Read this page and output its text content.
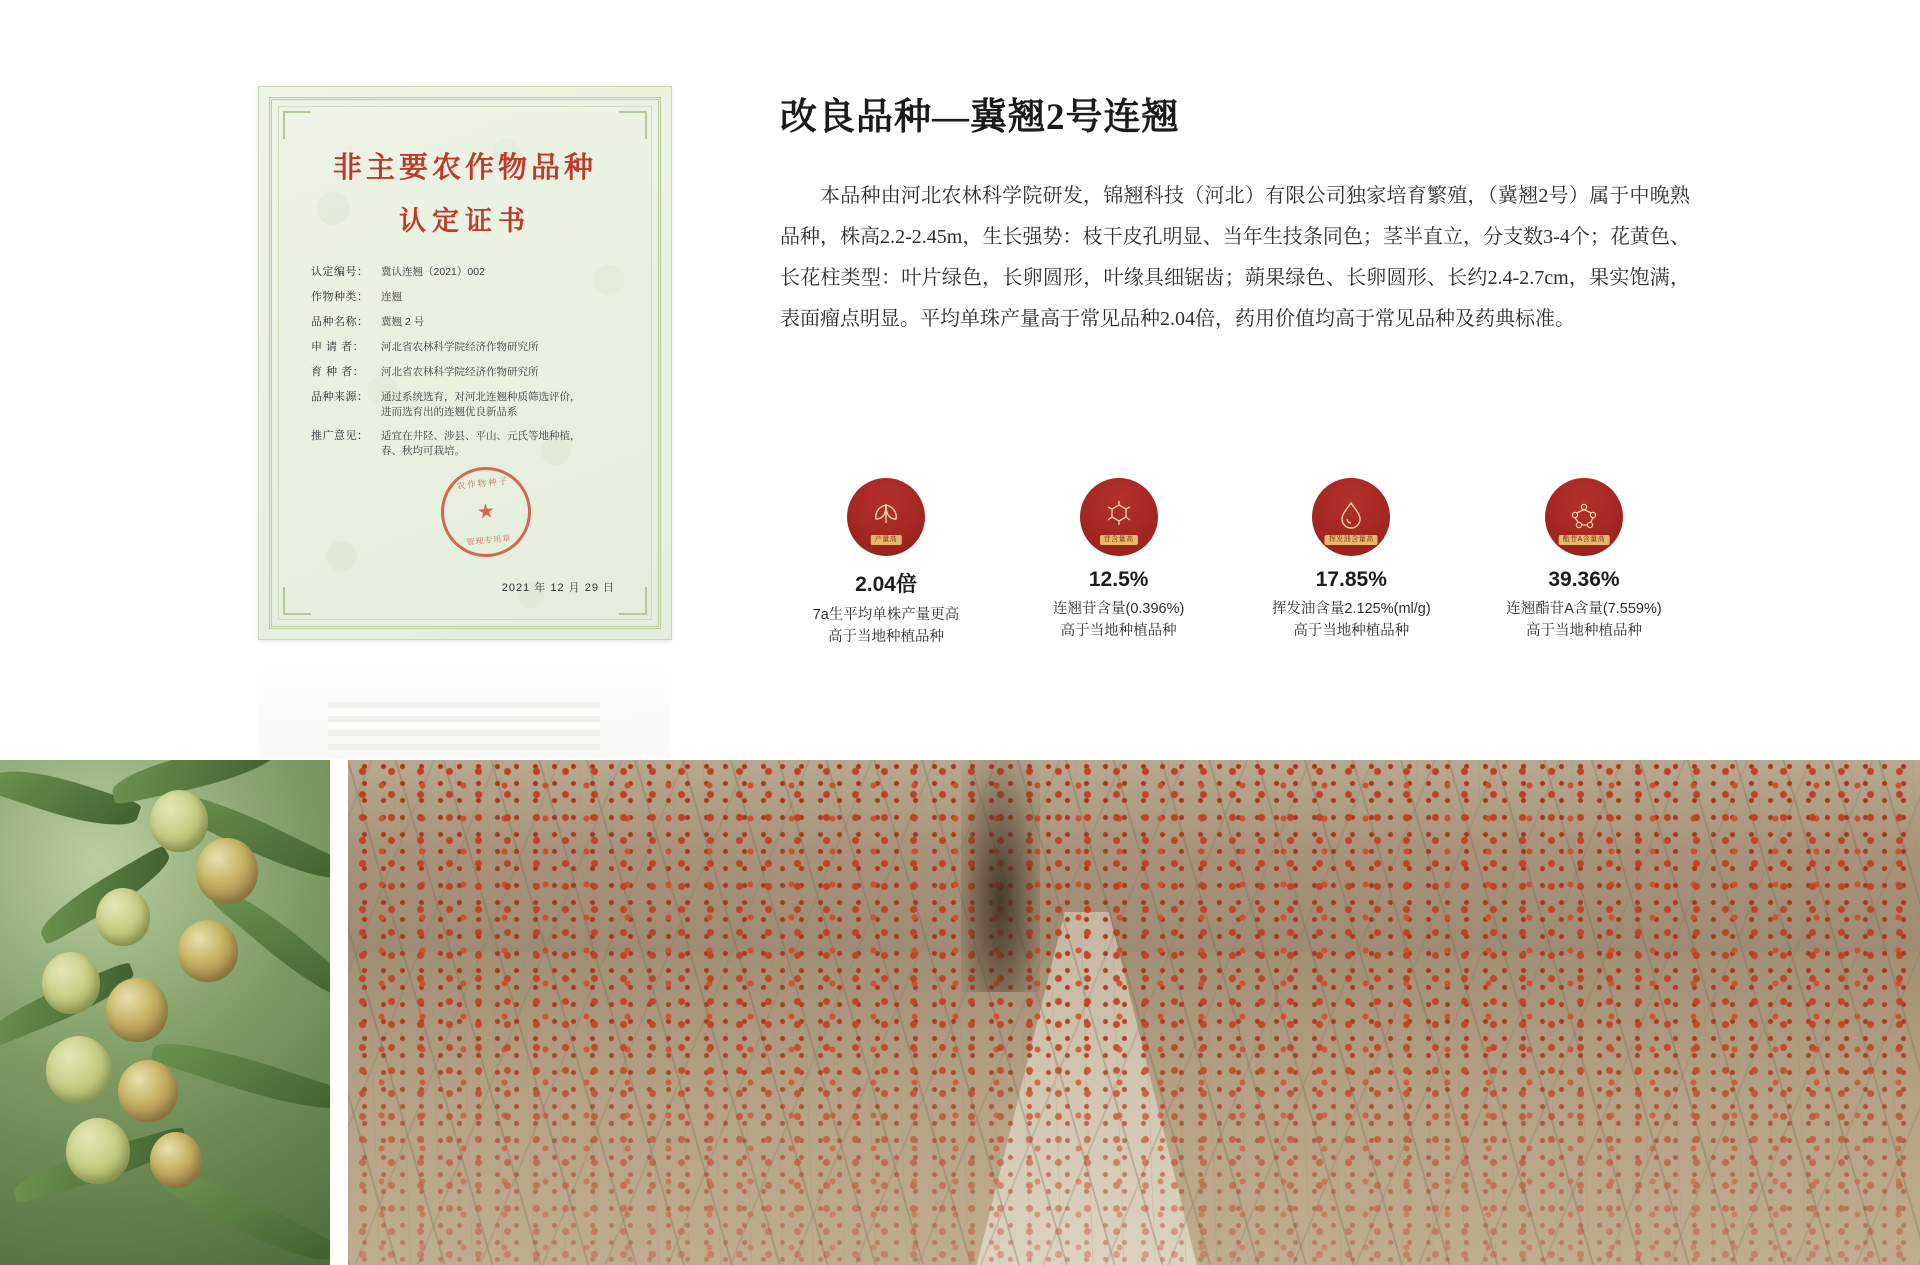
非主要农作物品种
认定证书
认定编号：	冀认连翘（2021）002
作物种类：	连翘
品种名称：	冀翘 2 号
申 请 者：	河北省农林科学院经济作物研究所
育 种 者：	河北省农林科学院经济作物研究所
品种来源：	通过系统选育，对河北连翘种质筛选评价，
进而选育出的连翘优良新品系
推广意见：	适宜在井陉、涉县、平山、元氏等地种植，
春、秋均可栽培。
农作物种子
★
管理专用章
2021 年 12 月 29 日
改良品种—冀翘2号连翘

本品种由河北农林科学院研发，锦翘科技（河北）有限公司独家培育繁殖，（冀翘2号）属于中晚熟品种，株高2.2-2.45m，生长强势：枝干皮孔明显、当年生技条同色；茎半直立，分支数3-4个；花黄色、长花柱类型：叶片绿色，长卵圆形，叶缘具细锯齿；蒴果绿色、长卵圆形、长约2.4-2.7cm，果实饱满，表面瘤点明显。平均单珠产量高于常见品种2.04倍，药用价值均高于常见品种及药典标准。

产量高
2.04倍
7a生平均单株产量更高
高于当地种植品种
苷含量高
12.5%
连翘苷含量(0.396%)
高于当地种植品种
挥发油含量高
17.85%
挥发油含量2.125%(ml/g)
高于当地种植品种
酯苷A含量高
39.36%
连翘酯苷A含量(7.559%)
高于当地种植品种
